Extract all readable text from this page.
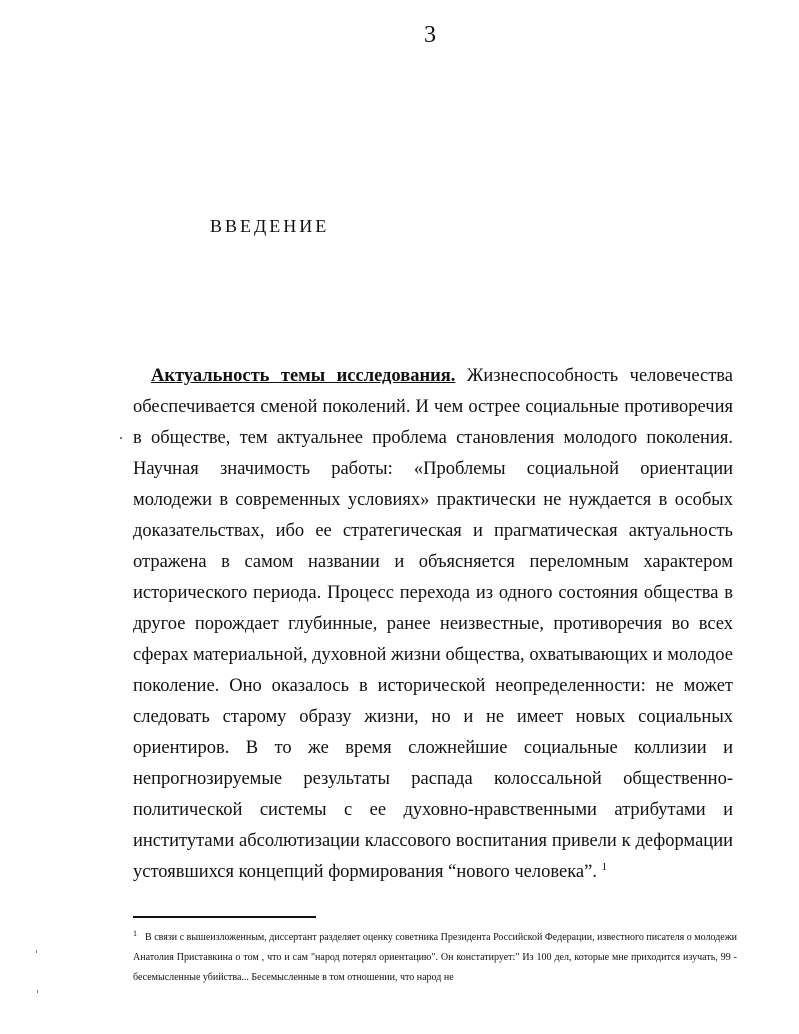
3
ВВЕДЕНИЕ
Актуальность темы исследования. Жизнеспособность человечества обеспечивается сменой поколений. И чем острее социальные противоречия в обществе, тем актуальнее проблема становления молодого поколения. Научная значимость работы: «Проблемы социальной ориентации молодежи в современных условиях» практически не нуждается в особых доказательствах, ибо ее стратегическая и прагматическая актуальность отражена в самом названии и объясняется переломным характером исторического периода. Процесс перехода из одного состояния общества в другое порождает глубинные, ранее неизвестные, противоречия во всех сферах материальной, духовной жизни общества, охватывающих и молодое поколение. Оно оказалось в исторической неопределенности: не может следовать старому образу жизни, но и не имеет новых социальных ориентиров. В то же время сложнейшие социальные коллизии и непрогнозируемые результаты распада колоссальной общественно-политической системы с ее духовно-нравственными атрибутами и институтами абсолютизации классового воспитания привели к деформации устоявшихся концепций формирования “нового человека”. $^1$
$^1$ В связи с вышеизложенным, диссертант разделяет оценку советника Президента Российской Федерации, известного писателя о молодежи Анатолия Приставкина о том , что и сам "народ потерял ориентацию". Он констатирует:" Из 100 дел, которые мне приходится изучать, 99 - бесемысленные убийства... Бесемысленные в том отношении, что народ не
